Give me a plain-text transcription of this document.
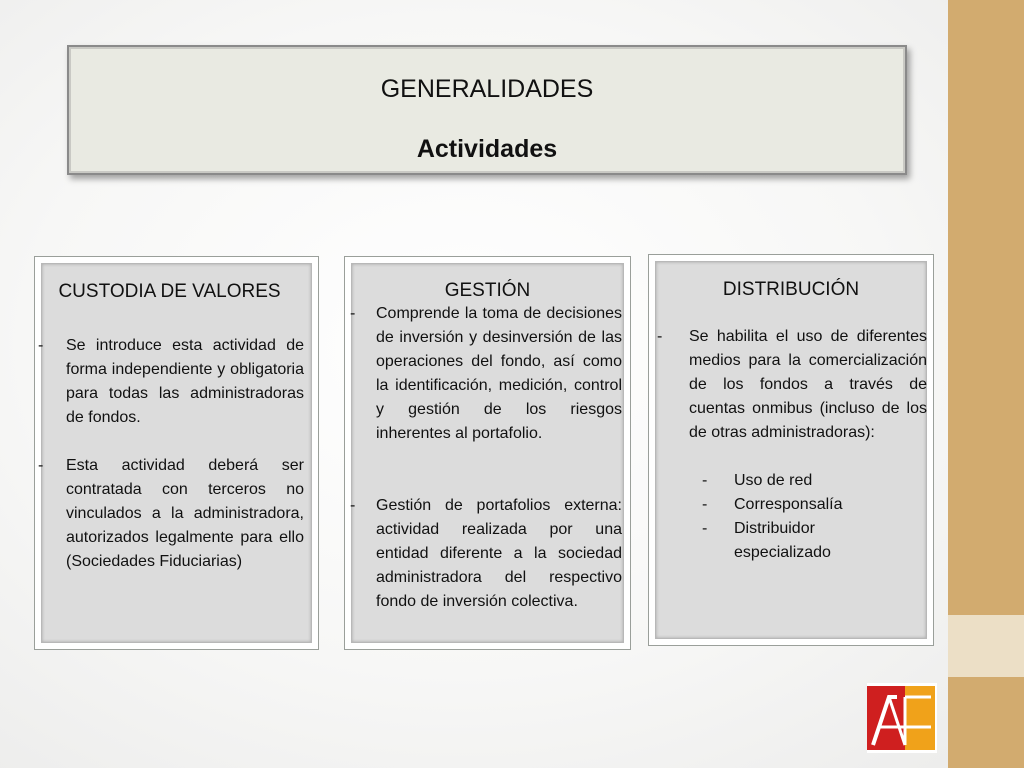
GENERALIDADES
Actividades
CUSTODIA DE VALORES
- Se introduce esta actividad de forma independiente y obligatoria para todas las administradoras de fondos.
- Esta actividad deberá ser contratada con terceros no vinculados a la administradora, autorizados legalmente para ello (Sociedades Fiduciarias)
GESTIÓN
- Comprende la toma de decisiones de inversión y desinversión de las operaciones del fondo, así como la identificación, medición, control y gestión de los riesgos inherentes al portafolio.
- Gestión de portafolios externa: actividad realizada por una entidad diferente a la sociedad administradora del respectivo fondo de inversión colectiva.
DISTRIBUCIÓN
- Se habilita el uso de diferentes medios para la comercialización de los fondos a través de cuentas onmibus (incluso de los de otras administradoras):
- Uso de red
- Corresponsalía
- Distribuidor especializado
